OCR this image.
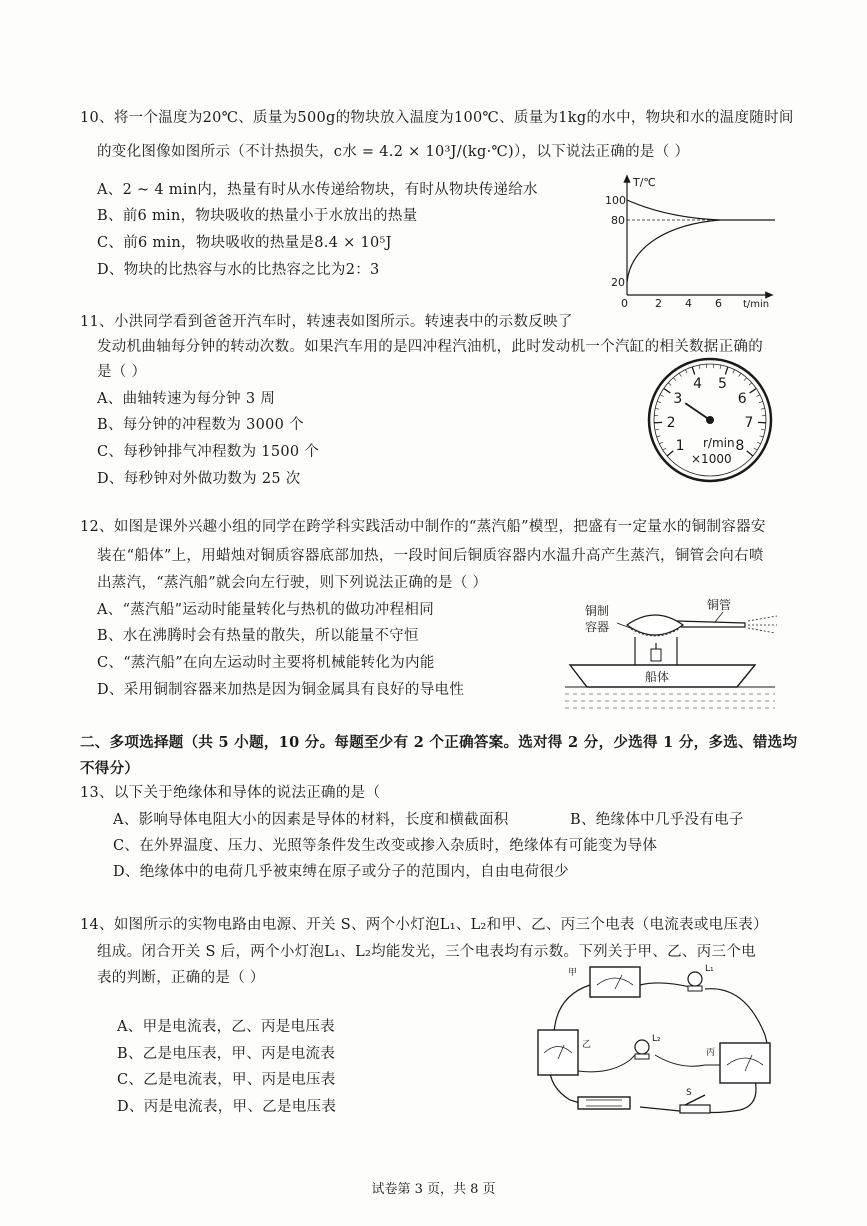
10、将一个温度为20℃、质量为500g的物块放入温度为100℃、质量为1kg的水中，物块和水的温度随时间
的变化图像如图所示（不计热损失，c水 = 4.2 × 10³J/(kg·℃)），以下说法正确的是（ ）
A、2 ~ 4 min内，热量有时从水传递给物块，有时从物块传递给水
B、前6 min，物块吸收的热量小于水放出的热量
C、前6 min，物块吸收的热量是8.4 × 10⁵J
D、物块的比热容与水的比热容之比为2：3
T/℃
t/min
100
80
20
0 2 4 6
11、小洪同学看到爸爸开汽车时，转速表如图所示。转速表中的示数反映了
发动机曲轴每分钟的转动次数。如果汽车用的是四冲程汽油机，此时发动机一个汽缸的相关数据正确的
是（ ）
A、曲轴转速为每分钟 3 周
B、每分钟的冲程数为 3000 个
C、每秒钟排气冲程数为 1500 个
D、每秒钟对外做功数为 25 次
1
2
3
4 5
6
7
8
r/min
×1000
12、如图是课外兴趣小组的同学在跨学科实践活动中制作的“蒸汽船”模型，把盛有一定量水的铜制容器安
装在“船体”上，用蜡烛对铜质容器底部加热，一段时间后铜质容器内水温升高产生蒸汽，铜管会向右喷
出蒸汽，“蒸汽船”就会向左行驶，则下列说法正确的是（ ）
A、“蒸汽船”运动时能量转化与热机的做功冲程相同
B、水在沸腾时会有热量的散失，所以能量不守恒
C、“蒸汽船”在向左运动时主要将机械能转化为内能
D、采用铜制容器来加热是因为铜金属具有良好的导电性
铜制
容器
铜管
船体
二、多项选择题（共 5 小题，10 分。每题至少有 2 个正确答案。选对得 2 分，少选得 1 分，多选、错选均
不得分）
13、以下关于绝缘体和导体的说法正确的是（
A、影响导体电阻大小的因素是导体的材料，长度和横截面积	B、绝缘体中几乎没有电子
C、在外界温度、压力、光照等条件发生改变或掺入杂质时，绝缘体有可能变为导体
D、绝缘体中的电荷几乎被束缚在原子或分子的范围内，自由电荷很少
14、如图所示的实物电路由电源、开关 S、两个小灯泡L₁、L₂和甲、乙、丙三个电表（电流表或电压表）
组成。闭合开关 S 后，两个小灯泡L₁、L₂均能发光，三个电表均有示数。下列关于甲、乙、丙三个电
表的判断，正确的是（ ）
A、甲是电流表，乙、丙是电压表
B、乙是电压表，甲、丙是电流表
C、乙是电流表，甲、丙是电压表
D、丙是电流表，甲、乙是电压表
甲	L₁
乙
L₂
丙
S
试卷第 3 页，共 8 页
